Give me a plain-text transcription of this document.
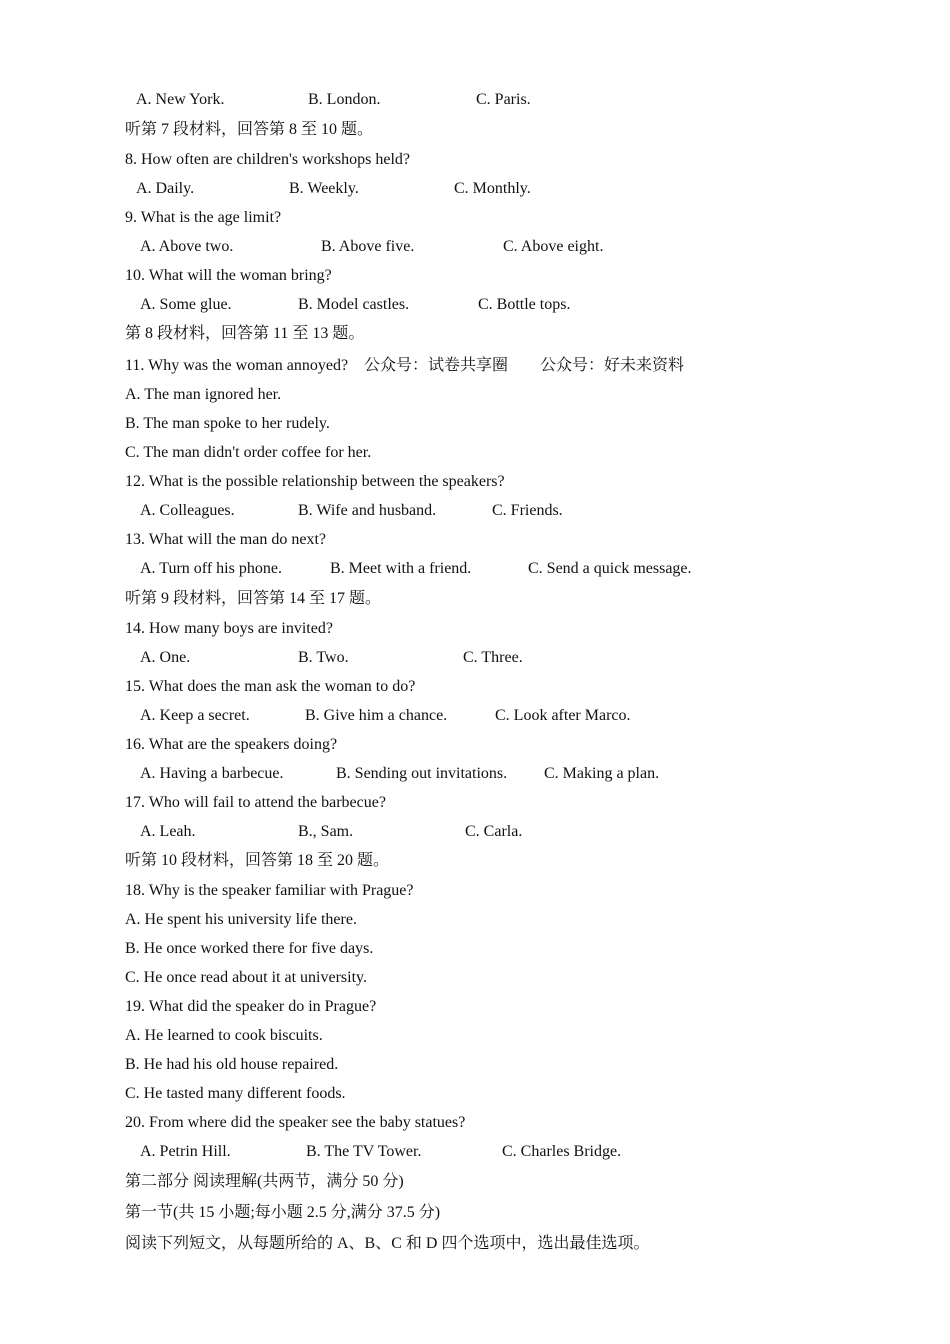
A. New York.	B. London.	C. Paris.
听第 7 段材料，回答第 8 至 10 题。
8. How often are children's workshops held?
A. Daily.	B. Weekly.	C. Monthly.
9. What is the age limit?
A. Above two.	B. Above five.	C. Above eight.
10. What will the woman bring?
A. Some glue.	B. Model castles.	C. Bottle tops.
第 8 段材料，回答第 11 至 13 题。
11. Why was the woman annoyed? 公众号：试卷共享圈 公众号：好未来资料
A. The man ignored her.
B. The man spoke to her rudely.
C. The man didn't order coffee for her.
12. What is the possible relationship between the speakers?
A. Colleagues.	B. Wife and husband.	C. Friends.
13. What will the man do next?
A. Turn off his phone.	B. Meet with a friend.	C. Send a quick message.
听第 9 段材料，回答第 14 至 17 题。
14. How many boys are invited?
A. One.	B. Two.	C. Three.
15. What does the man ask the woman to do?
A. Keep a secret.	B. Give him a chance.	C. Look after Marco.
16. What are the speakers doing?
A. Having a barbecue.	B. Sending out invitations. C. Making a plan.
17. Who will fail to attend the barbecue?
A. Leah.	B., Sam.	C. Carla.
听第 10 段材料，回答第 18 至 20 题。
18. Why is the speaker familiar with Prague?
A. He spent his university life there.
B. He once worked there for five days.
C. He once read about it at university.
19. What did the speaker do in Prague?
A. He learned to cook biscuits.
B. He had his old house repaired.
C. He tasted many different foods.
20. From where did the speaker see the baby statues?
A. Petrin Hill.	B. The TV Tower.	C. Charles Bridge.
第二部分 阅读理解(共两节，满分 50 分)
第一节(共 15 小题;每小题 2.5 分,满分 37.5 分)
阅读下列短文，从每题所给的 A、B、C 和 D 四个选项中，选出最佳选项。
